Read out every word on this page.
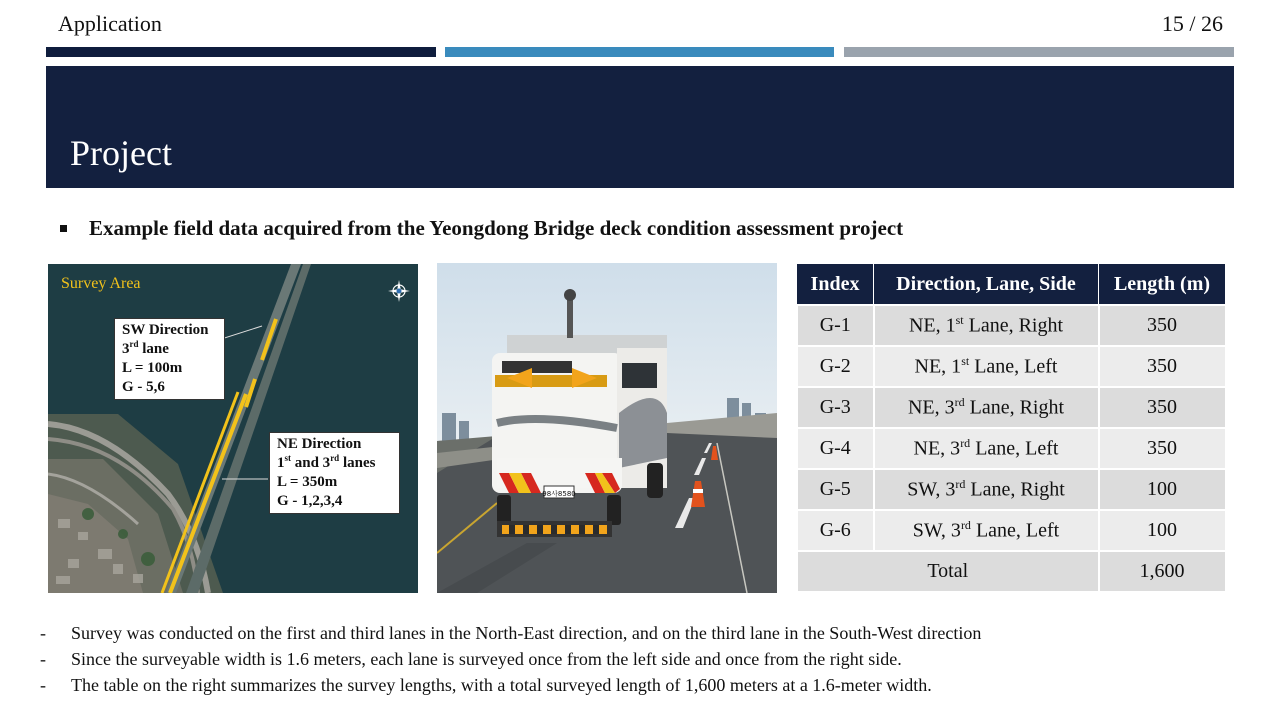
Application	15 / 26
Project
Example field data acquired from the Yeongdong Bridge deck condition assessment project
Survey Area
SW Direction
3rd lane
L = 100m
G - 5,6
NE Direction
1st and 3rd lanes
L = 350m
G - 1,2,3,4	98사8580
Index	Direction, Lane, Side	Length (m)
G-1	NE, 1st Lane, Right	350
G-2	NE, 1st Lane, Left	350
G-3	NE, 3rd Lane, Right	350
G-4	NE, 3rd Lane, Left	350
G-5	SW, 3rd Lane, Right	100
G-6	SW, 3rd Lane, Left	100
Total		1,600
-	Survey was conducted on the first and third lanes in the North-East direction, and on the third lane in the South-West direction
-	Since the surveyable width is 1.6 meters, each lane is surveyed once from the left side and once from the right side.
-	The table on the right summarizes the survey lengths, with a total surveyed length of 1,600 meters at a 1.6-meter width.
